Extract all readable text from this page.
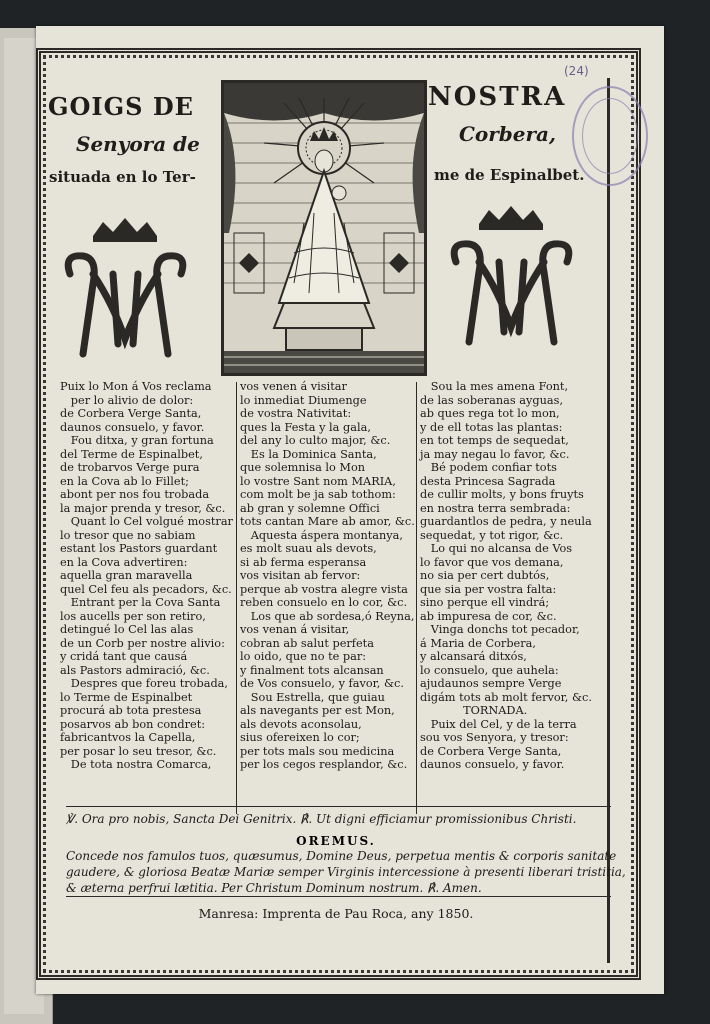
(24)
GOIGS DE	NOSTRA
Senyora de	Corbera,
situada en lo Ter-	me de Espinalbet.
Puix lo Mon á Vos reclama
per lo alivio de dolor:
de Corbera Verge Santa,
daunos consuelo, y favor.
Fou ditxa, y gran fortuna
del Terme de Espinalbet,
de trobarvos Verge pura
en la Cova ab lo Fillet;
abont per nos fou trobada
la major prenda y tresor, &c.
Quant lo Cel volgué mostrar
lo tresor que no sabiam
estant los Pastors guardant
en la Cova advertiren:
aquella gran maravella
quel Cel feu als pecadors, &c.
Entrant per la Cova Santa
los aucells per son retiro,
detingué lo Cel las alas
de un Corb per nostre alivio:
y cridá tant que causá
als Pastors admiració, &c.
Despres que foreu trobada,
lo Terme de Espinalbet
procurá ab tota prestesa
posarvos ab bon condret:
fabricantvos la Capella,
per posar lo seu tresor, &c.
De tota nostra Comarca,
vos venen á visitar
lo inmediat Diumenge
de vostra Nativitat:
ques la Festa y la gala,
del any lo culto major, &c.
Es la Dominica Santa,
que solemnisa lo Mon
lo vostre Sant nom MARIA,
com molt be ja sab tothom:
ab gran y solemne Offici
tots cantan Mare ab amor, &c.
Aquesta áspera montanya,
es molt suau als devots,
si ab ferma esperansa
vos visitan ab fervor:
perque ab vostra alegre vista
reben consuelo en lo cor, &c.
Los que ab sordesa,ó Reyna,
vos venan á visitar,
cobran ab salut perfeta
lo oido, que no te par:
y finalment tots alcansan
de Vos consuelo, y favor, &c.
Sou Estrella, que guiau
als navegants per est Mon,
als devots aconsolau,
sius ofereixen lo cor;
per tots mals sou medicina
per los cegos resplandor, &c.
Sou la mes amena Font,
de las soberanas ayguas,
ab ques rega tot lo mon,
y de ell totas las plantas:
en tot temps de sequedat,
ja may negau lo favor, &c.
Bé podem confiar tots
desta Princesa Sagrada
de cullir molts, y bons fruyts
en nostra terra sembrada:
guardantlos de pedra, y neula
sequedat, y tot rigor, &c.
Lo qui no alcansa de Vos
lo favor que vos demana,
no sia per cert dubtós,
que sia per vostra falta:
sino perque ell vindrá;
ab impuresa de cor, &c.
Vinga donchs tot pecador,
á Maria de Corbera,
y alcansará ditxós,
lo consuelo, que auhela:
ajudaunos sempre Verge
digám tots ab molt fervor, &c.
TORNADA.
Puix del Cel, y de la terra
sou vos Senyora, y tresor:
de Corbera Verge Santa,
daunos consuelo, y favor.
℣. Ora pro nobis, Sancta Dei Genitrix. ℟. Ut digni efficiamur promissionibus Christi.
OREMUS.
Concede nos famulos tuos, quæsumus, Domine Deus, perpetua mentis & corporis sanitate
gaudere, & gloriosa Beatæ Mariæ semper Virginis intercessione à presenti liberari tristitia,
& æterna perfrui lætitia. Per Christum Dominum nostrum. ℟. Amen.
Manresa: Imprenta de Pau Roca, any 1850.
